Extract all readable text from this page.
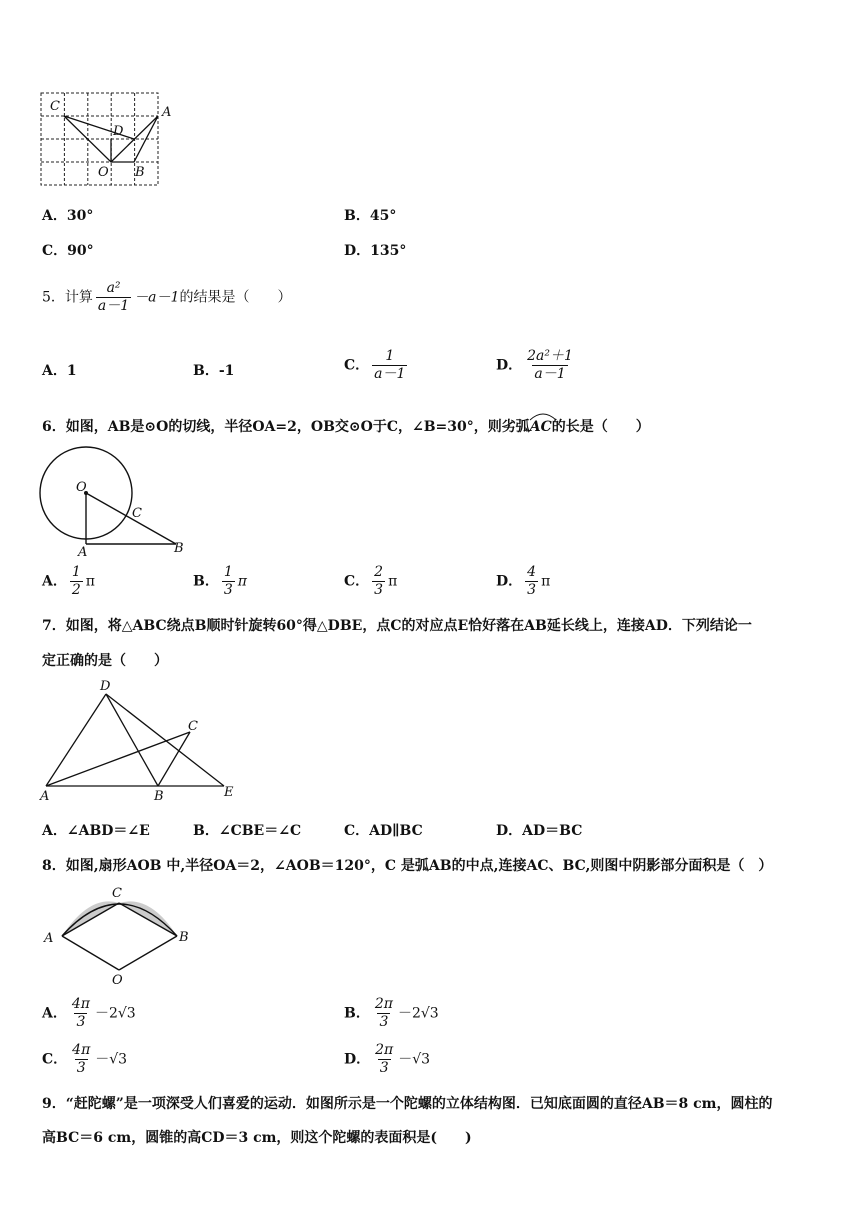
C	A
D
O B
A．30°	B．45°
C．90°	D．135°
5．计算 $\frac{\text{a²}}{a-1} -a-1$的结果是（　　）
A．1	B．-1	C． $\frac{1}{a-1}$	D． $\frac{\text{2a²＋1}}{a-1}$
6．如图，AB是⊙O的切线，半径OA=2，OB交⊙O于C，∠B=30°，则劣弧
AC的长是（　　）
O
C
A	B
A． $\frac{1}{2}$ π	B． $\frac{1}{3}$ π	C． $\frac{2}{3}$ π	D． $\frac{4}{3}$ π
7．如图，将△ABC绕点B顺时针旋转60°得△DBE，点C的对应点E恰好落在AB延长线上，连接AD．下列结论一
定正确的是（　　）
D
C
A	B	E
A．∠ABD＝∠E	B．∠CBE＝∠C	C．AD∥BC	D．AD＝BC
8．如图,扇形AOB 中,半径OA＝2，∠AOB＝120°，C 是弧AB的中点,连接AC、BC,则图中阴影部分面积是（　）
C
A	B
O
A． $\frac{4\pi}{3} -2√3$	B． $\frac{2\pi}{3} -2√3$
C． $\frac{4\pi}{3} -√3$	D． $\frac{2\pi}{3} -√3$
9．“赶陀螺”是一项深受人们喜爱的运动．如图所示是一个陀螺的立体结构图．已知底面圆的直径AB＝8 cm，圆柱的
高BC＝6 cm，圆锥的高CD＝3 cm，则这个陀螺的表面积是(　　)
